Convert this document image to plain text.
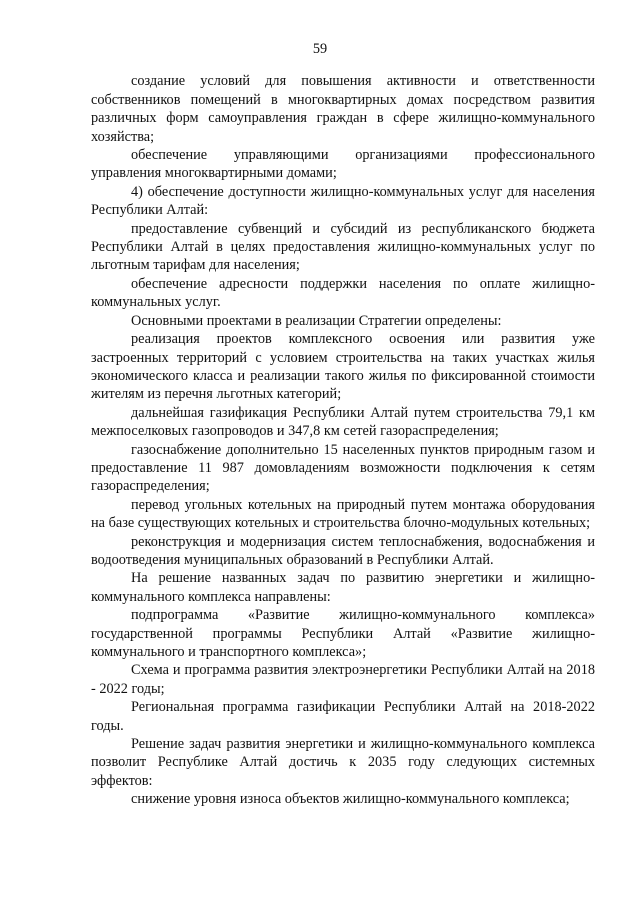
59

создание условий для повышения активности и ответственности собственников помещений в многоквартирных домах посредством развития различных форм самоуправления граждан в сфере жилищно-коммунального хозяйства;

обеспечение управляющими организациями профессионального управления многоквартирными домами;

4) обеспечение доступности жилищно-коммунальных услуг для населения Республики Алтай:

предоставление субвенций и субсидий из республиканского бюджета Республики Алтай в целях предоставления жилищно-коммунальных услуг по льготным тарифам для населения;

обеспечение адресности поддержки населения по оплате жилищно-коммунальных услуг.

Основными проектами в реализации Стратегии определены:

реализация проектов комплексного освоения или развития уже застроенных территорий с условием строительства на таких участках жилья экономического класса и реализации такого жилья по фиксированной стоимости жителям из перечня льготных категорий;

дальнейшая газификация Республики Алтай путем строительства 79,1 км межпоселковых газопроводов и 347,8 км сетей газораспределения;

газоснабжение дополнительно 15 населенных пунктов природным газом и предоставление 11 987 домовладениям возможности подключения к сетям газораспределения;

перевод угольных котельных на природный путем монтажа оборудования на базе существующих котельных и строительства блочно-модульных котельных;

реконструкция и модернизация систем теплоснабжения, водоснабжения и водоотведения муниципальных образований в Республики Алтай.

На решение названных задач по развитию энергетики и жилищно-коммунального комплекса направлены:

подпрограмма «Развитие жилищно-коммунального комплекса» государственной программы Республики Алтай «Развитие жилищно-коммунального и транспортного комплекса»;

Схема и программа развития электроэнергетики Республики Алтай на 2018 - 2022 годы;

Региональная программа газификации Республики Алтай на 2018-2022 годы.

Решение задач развития энергетики и жилищно-коммунального комплекса позволит Республике Алтай достичь к 2035 году следующих системных эффектов:

снижение уровня износа объектов жилищно-коммунального комплекса;
